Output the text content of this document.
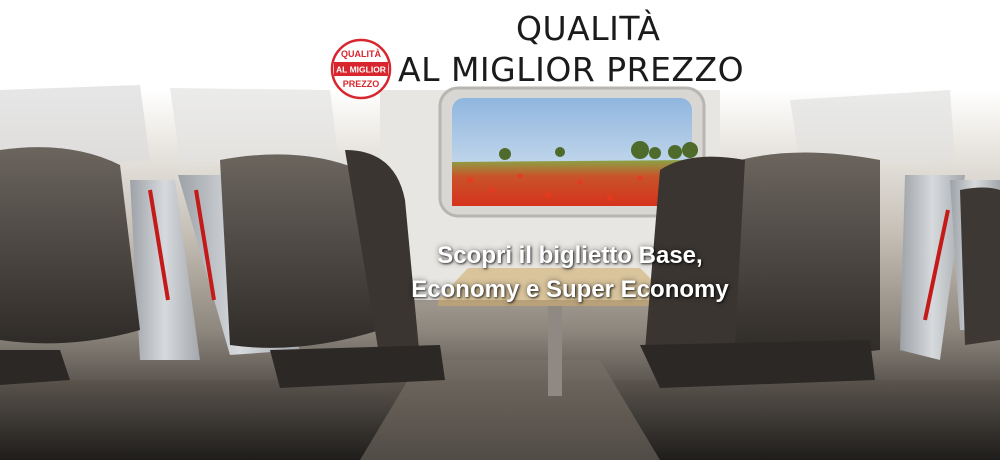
QUALITÀ
AL MIGLIOR
PREZZO
QUALITÀ
AL MIGLIOR PREZZO
Scopri il biglietto Base,
Economy e Super Economy
